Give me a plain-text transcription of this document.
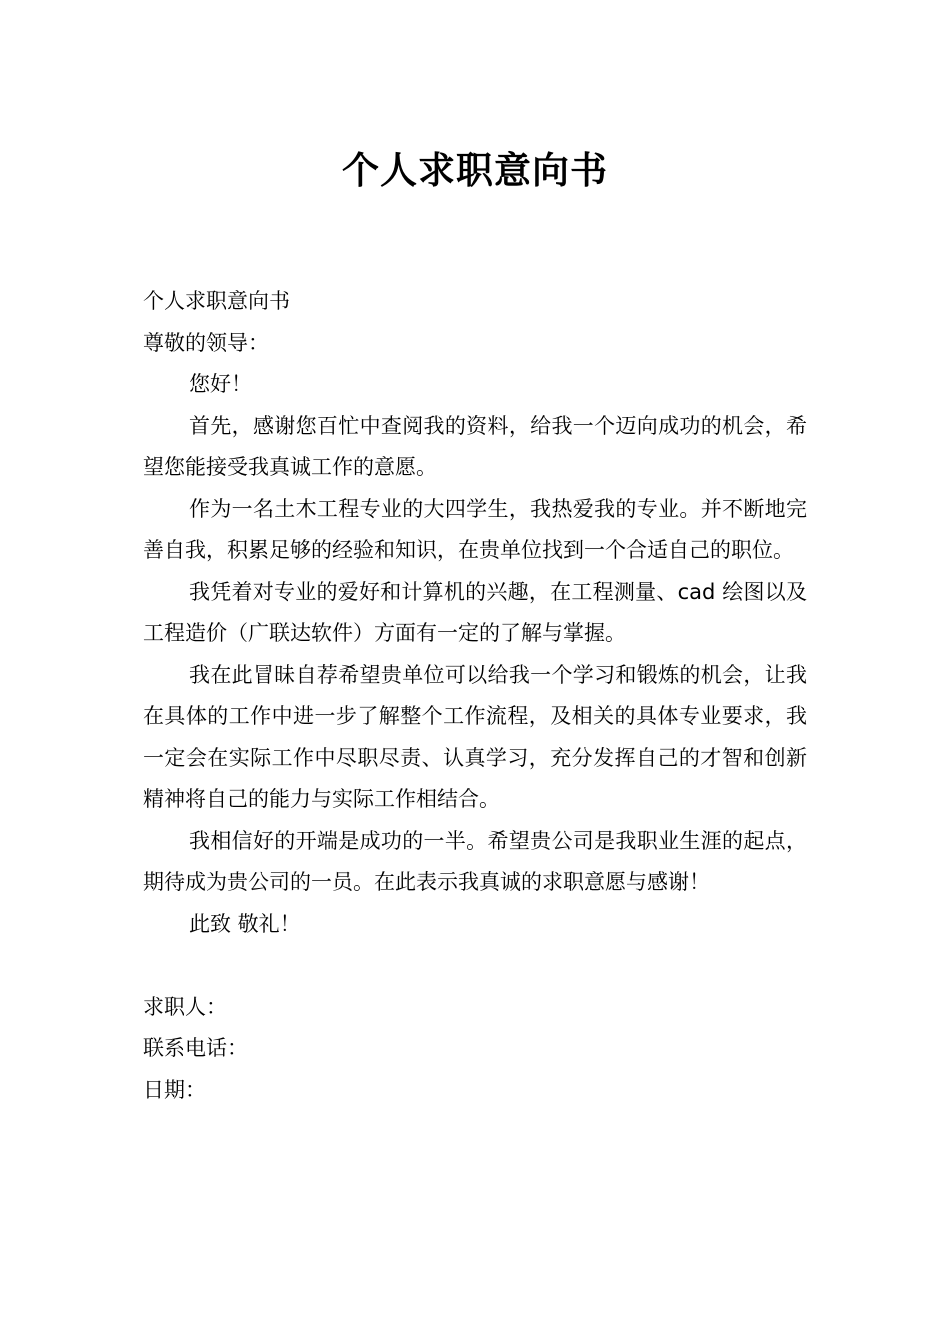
个人求职意向书

个人求职意向书

尊敬的领导：

您好！

首先，感谢您百忙中查阅我的资料，给我一个迈向成功的机会，希望您能接受我真诚工作的意愿。

作为一名土木工程专业的大四学生，我热爱我的专业。并不断地完善自我，积累足够的经验和知识，在贵单位找到一个合适自己的职位。

我凭着对专业的爱好和计算机的兴趣，在工程测量、cad 绘图以及工程造价（广联达软件）方面有一定的了解与掌握。

我在此冒昧自荐希望贵单位可以给我一个学习和锻炼的机会，让我在具体的工作中进一步了解整个工作流程，及相关的具体专业要求，我一定会在实际工作中尽职尽责、认真学习，充分发挥自己的才智和创新精神将自己的能力与实际工作相结合。

我相信好的开端是成功的一半。希望贵公司是我职业生涯的起点，期待成为贵公司的一员。在此表示我真诚的求职意愿与感谢！

此致 敬礼！

求职人：

联系电话：

日期：
